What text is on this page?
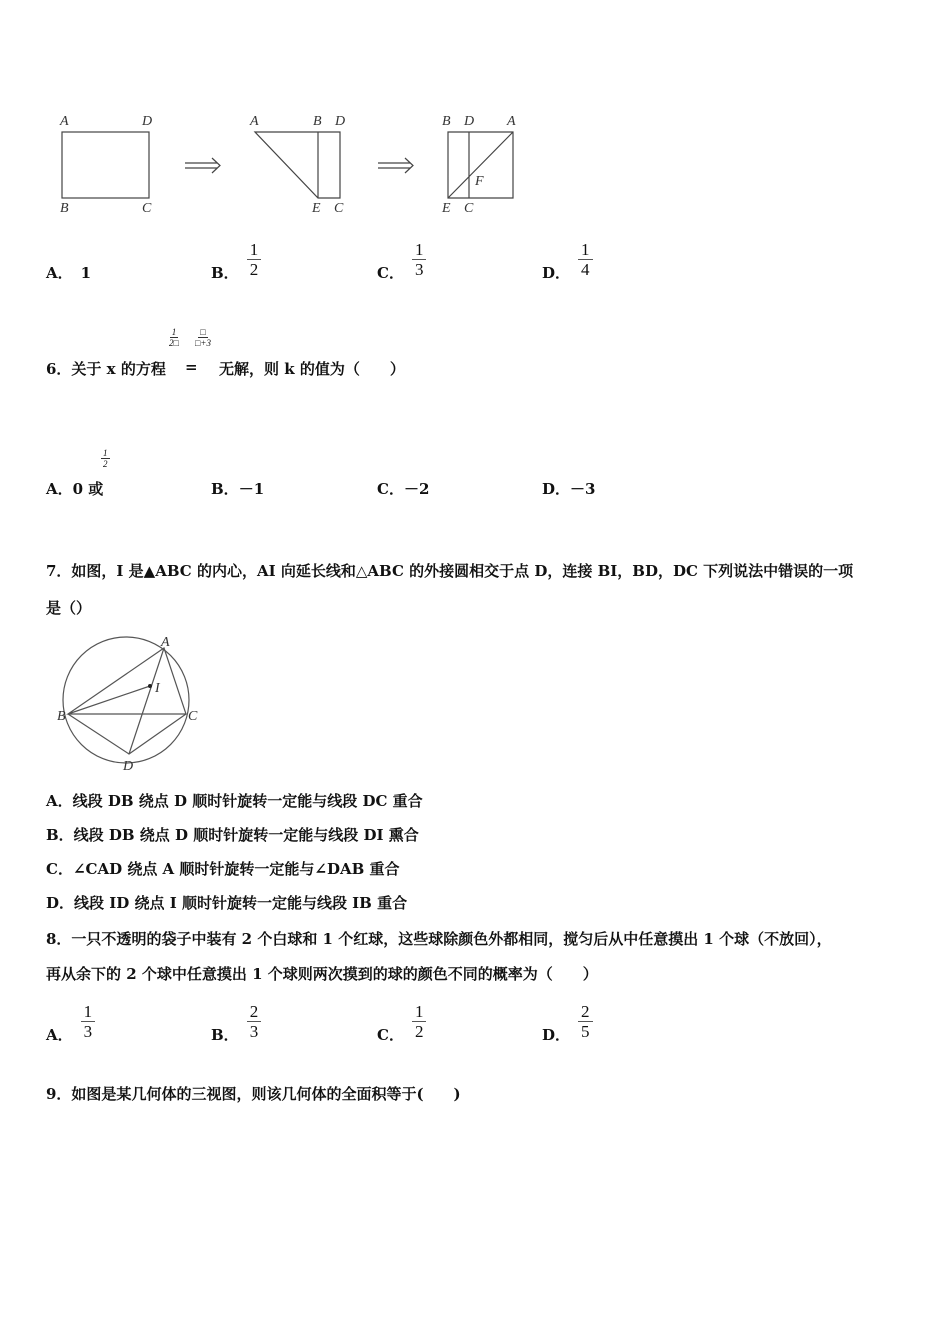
A	D
B	C
A	B D
E C
B D A
F
E C
A． 1	B． $\frac{1}{2}$	C． $\frac{1}{3}$	D． $\frac{1}{4}$
6．关于 x 的方程
$\frac{1}{2□}$
=
□
□+3
无解，则 k 的值为（　　）
A．0 或
$\frac{1}{2}$
B．－1	C．－2	D．－3
7．如图，I 是▲ABC 的内心，AI 向延长线和△ABC 的外接圆相交于点 D，连接 BI，BD，DC 下列说法中错误的一项
是（）
A
I
B	C
D
A．线段 DB 绕点 D 顺时针旋转一定能与线段 DC 重合
B．线段 DB 绕点 D 顺时针旋转一定能与线段 DI 熏合
C．∠CAD 绕点 A 顺时针旋转一定能与∠DAB 重合
D．线段 ID 绕点 I 顺时针旋转一定能与线段 IB 重合
8．一只不透明的袋子中装有 2 个白球和 1 个红球，这些球除颜色外都相同，搅匀后从中任意摸出 1 个球（不放回），
再从余下的 2 个球中任意摸出 1 个球则两次摸到的球的颜色不同的概率为（　　）
A． $\frac{1}{3}$	B． $\frac{2}{3}$	C． $\frac{1}{2}$	D． $\frac{2}{5}$
9．如图是某几何体的三视图，则该几何体的全面积等于(　　)
